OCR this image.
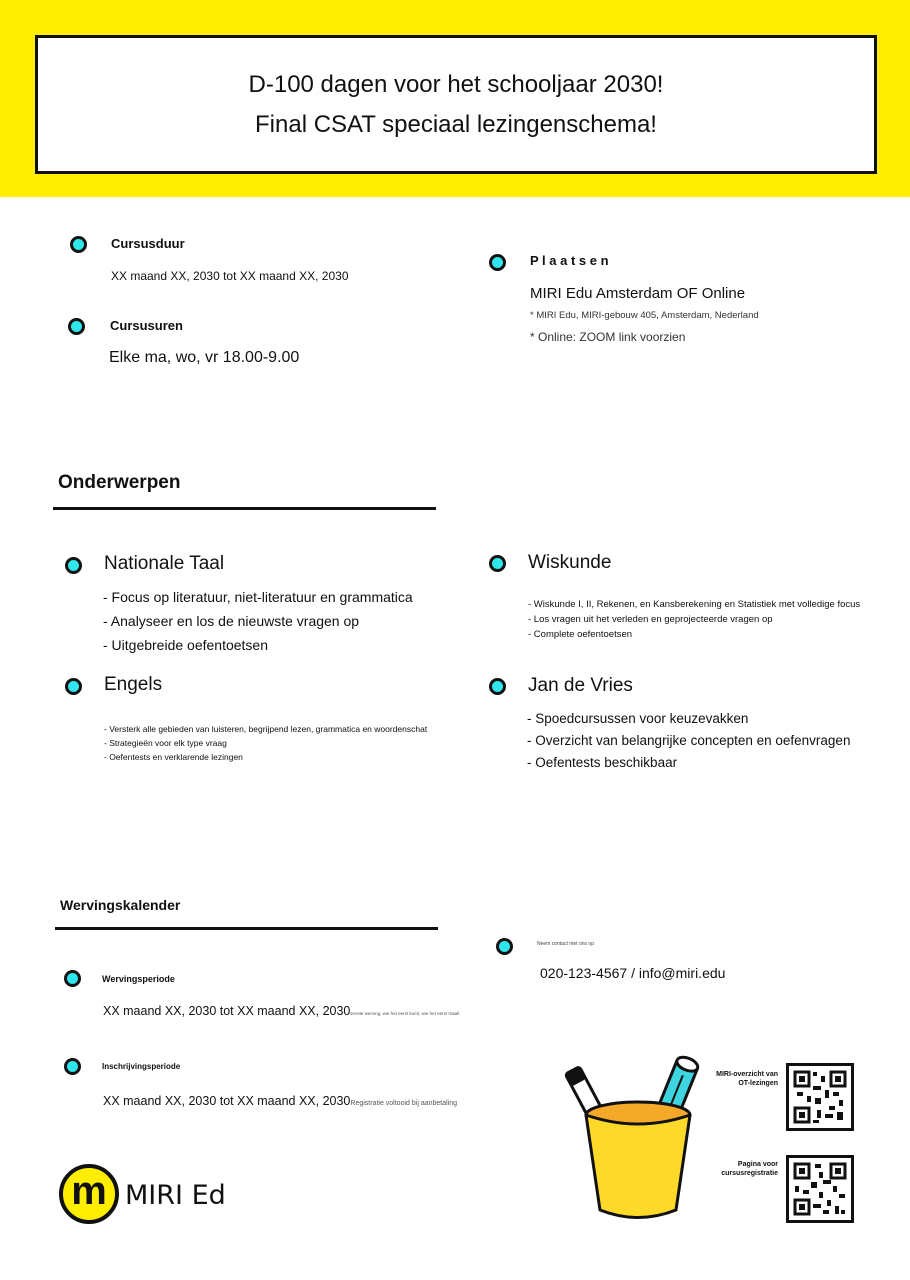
D-100 dagen voor het schooljaar 2030!
Final CSAT speciaal lezingenschema!
Cursusduur
XX maand XX, 2030 tot XX maand XX, 2030
Cursusuren
Elke ma, wo, vr 18.00-9.00
P l a a t s e n
MIRI Edu Amsterdam OF Online
* MIRI Edu, MIRI-gebouw 405, Amsterdam, Nederland
* Online: ZOOM link voorzien
Onderwerpen
Nationale Taal
- Focus op literatuur, niet-literatuur en grammatica
- Analyseer en los de nieuwste vragen op
- Uitgebreide oefentoetsen
Wiskunde
- Wiskunde I, II, Rekenen, en Kansberekening en Statistiek met volledige focus
- Los vragen uit het verleden en geprojecteerde vragen op
- Complete oefentoetsen
Engels
- Versterk alle gebieden van luisteren, begrijpend lezen, grammatica en woordenschat
- Strategieën voor elk type vraag
- Oefentests en verklarende lezingen
Jan de Vries
- Spoedcursussen voor keuzevakken
- Overzicht van belangrijke concepten en oefenvragen
- Oefentests beschikbaar
Wervingskalender
Wervingsperiode
XX maand XX, 2030 tot XX maand XX, 2030Eerste werving, wie het eerst komt, wie het eerst maalt
Inschrijvingsperiode
XX maand XX, 2030 tot XX maand XX, 2030Registratie voltooid bij aanbetaling
Neem contact met ons op
020-123-4567 / info@miri.edu
m MIRI Ed
MIRI-overzicht van OT-lezingen
Pagina voor cursusregistratie
